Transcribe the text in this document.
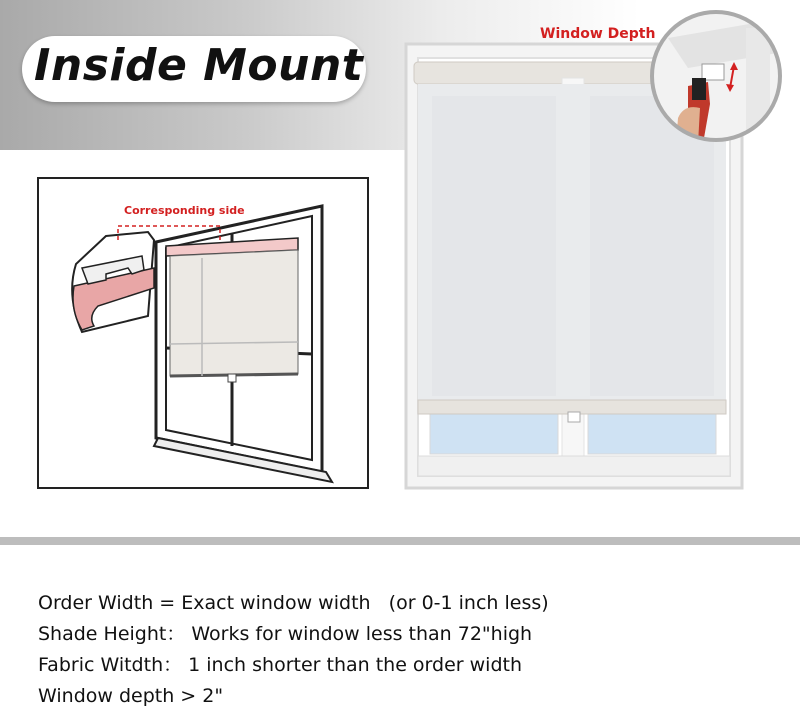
Inside Mount
Corresponding side
Window Depth
Order Width = Exact window width   (or 0-1 inch less)
Shade Height： Works for window less than 72"high
Fabric Witdth： 1 inch shorter than the order width
Window depth > 2"
